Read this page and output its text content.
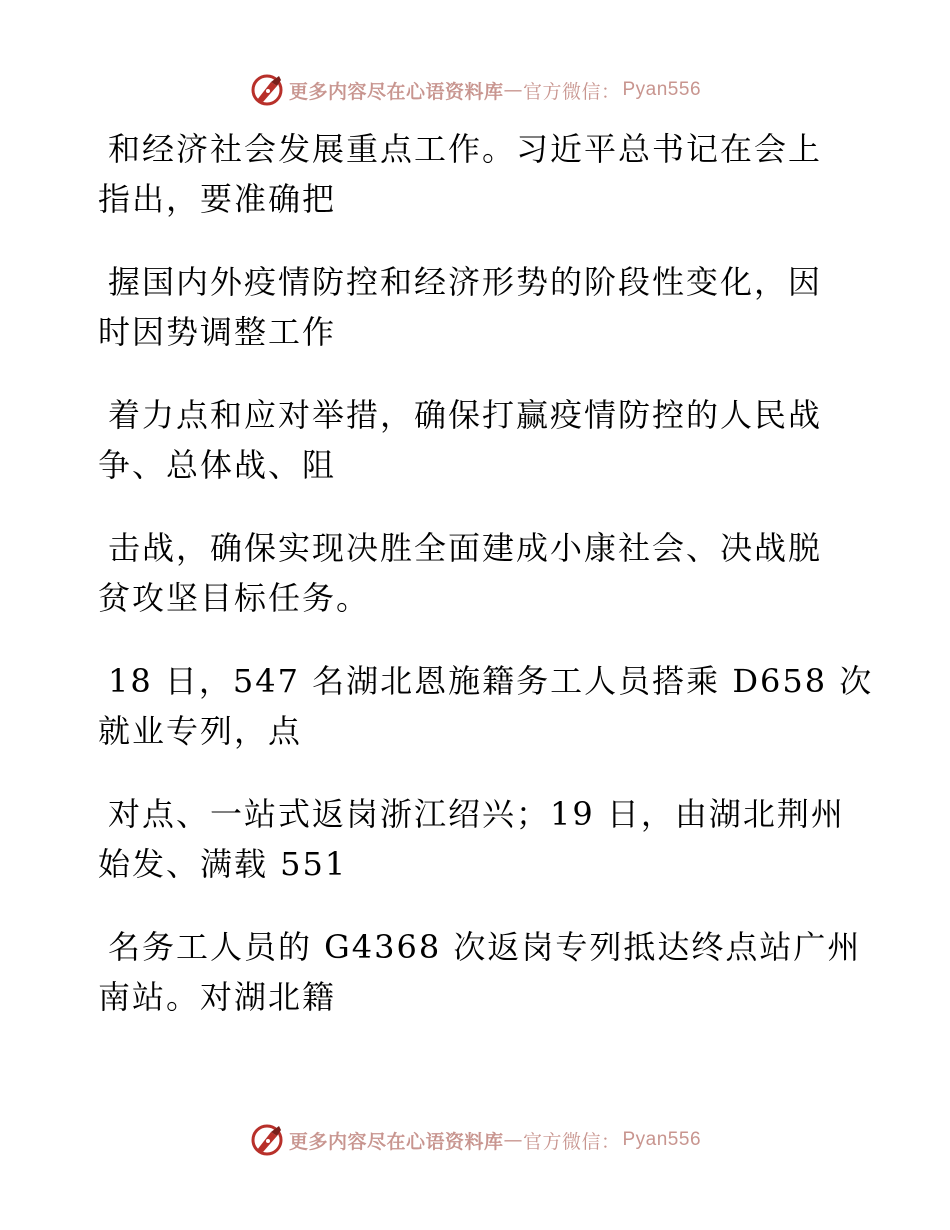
更多内容尽在心语资料库 — 官方微信： Pyan556

和经济社会发展重点工作。习近平总书记在会上
指出，要准确把

握国内外疫情防控和经济形势的阶段性变化，因
时因势调整工作

着力点和应对举措，确保打赢疫情防控的人民战
争、总体战、阻

击战，确保实现决胜全面建成小康社会、决战脱
贫攻坚目标任务。

18 日，547 名湖北恩施籍务工人员搭乘 D658 次
就业专列，点

对点、一站式返岗浙江绍兴；19 日，由湖北荆州
始发、满载 551

名务工人员的 G4368 次返岗专列抵达终点站广州
南站。对湖北籍

更多内容尽在心语资料库 — 官方微信： Pyan556
